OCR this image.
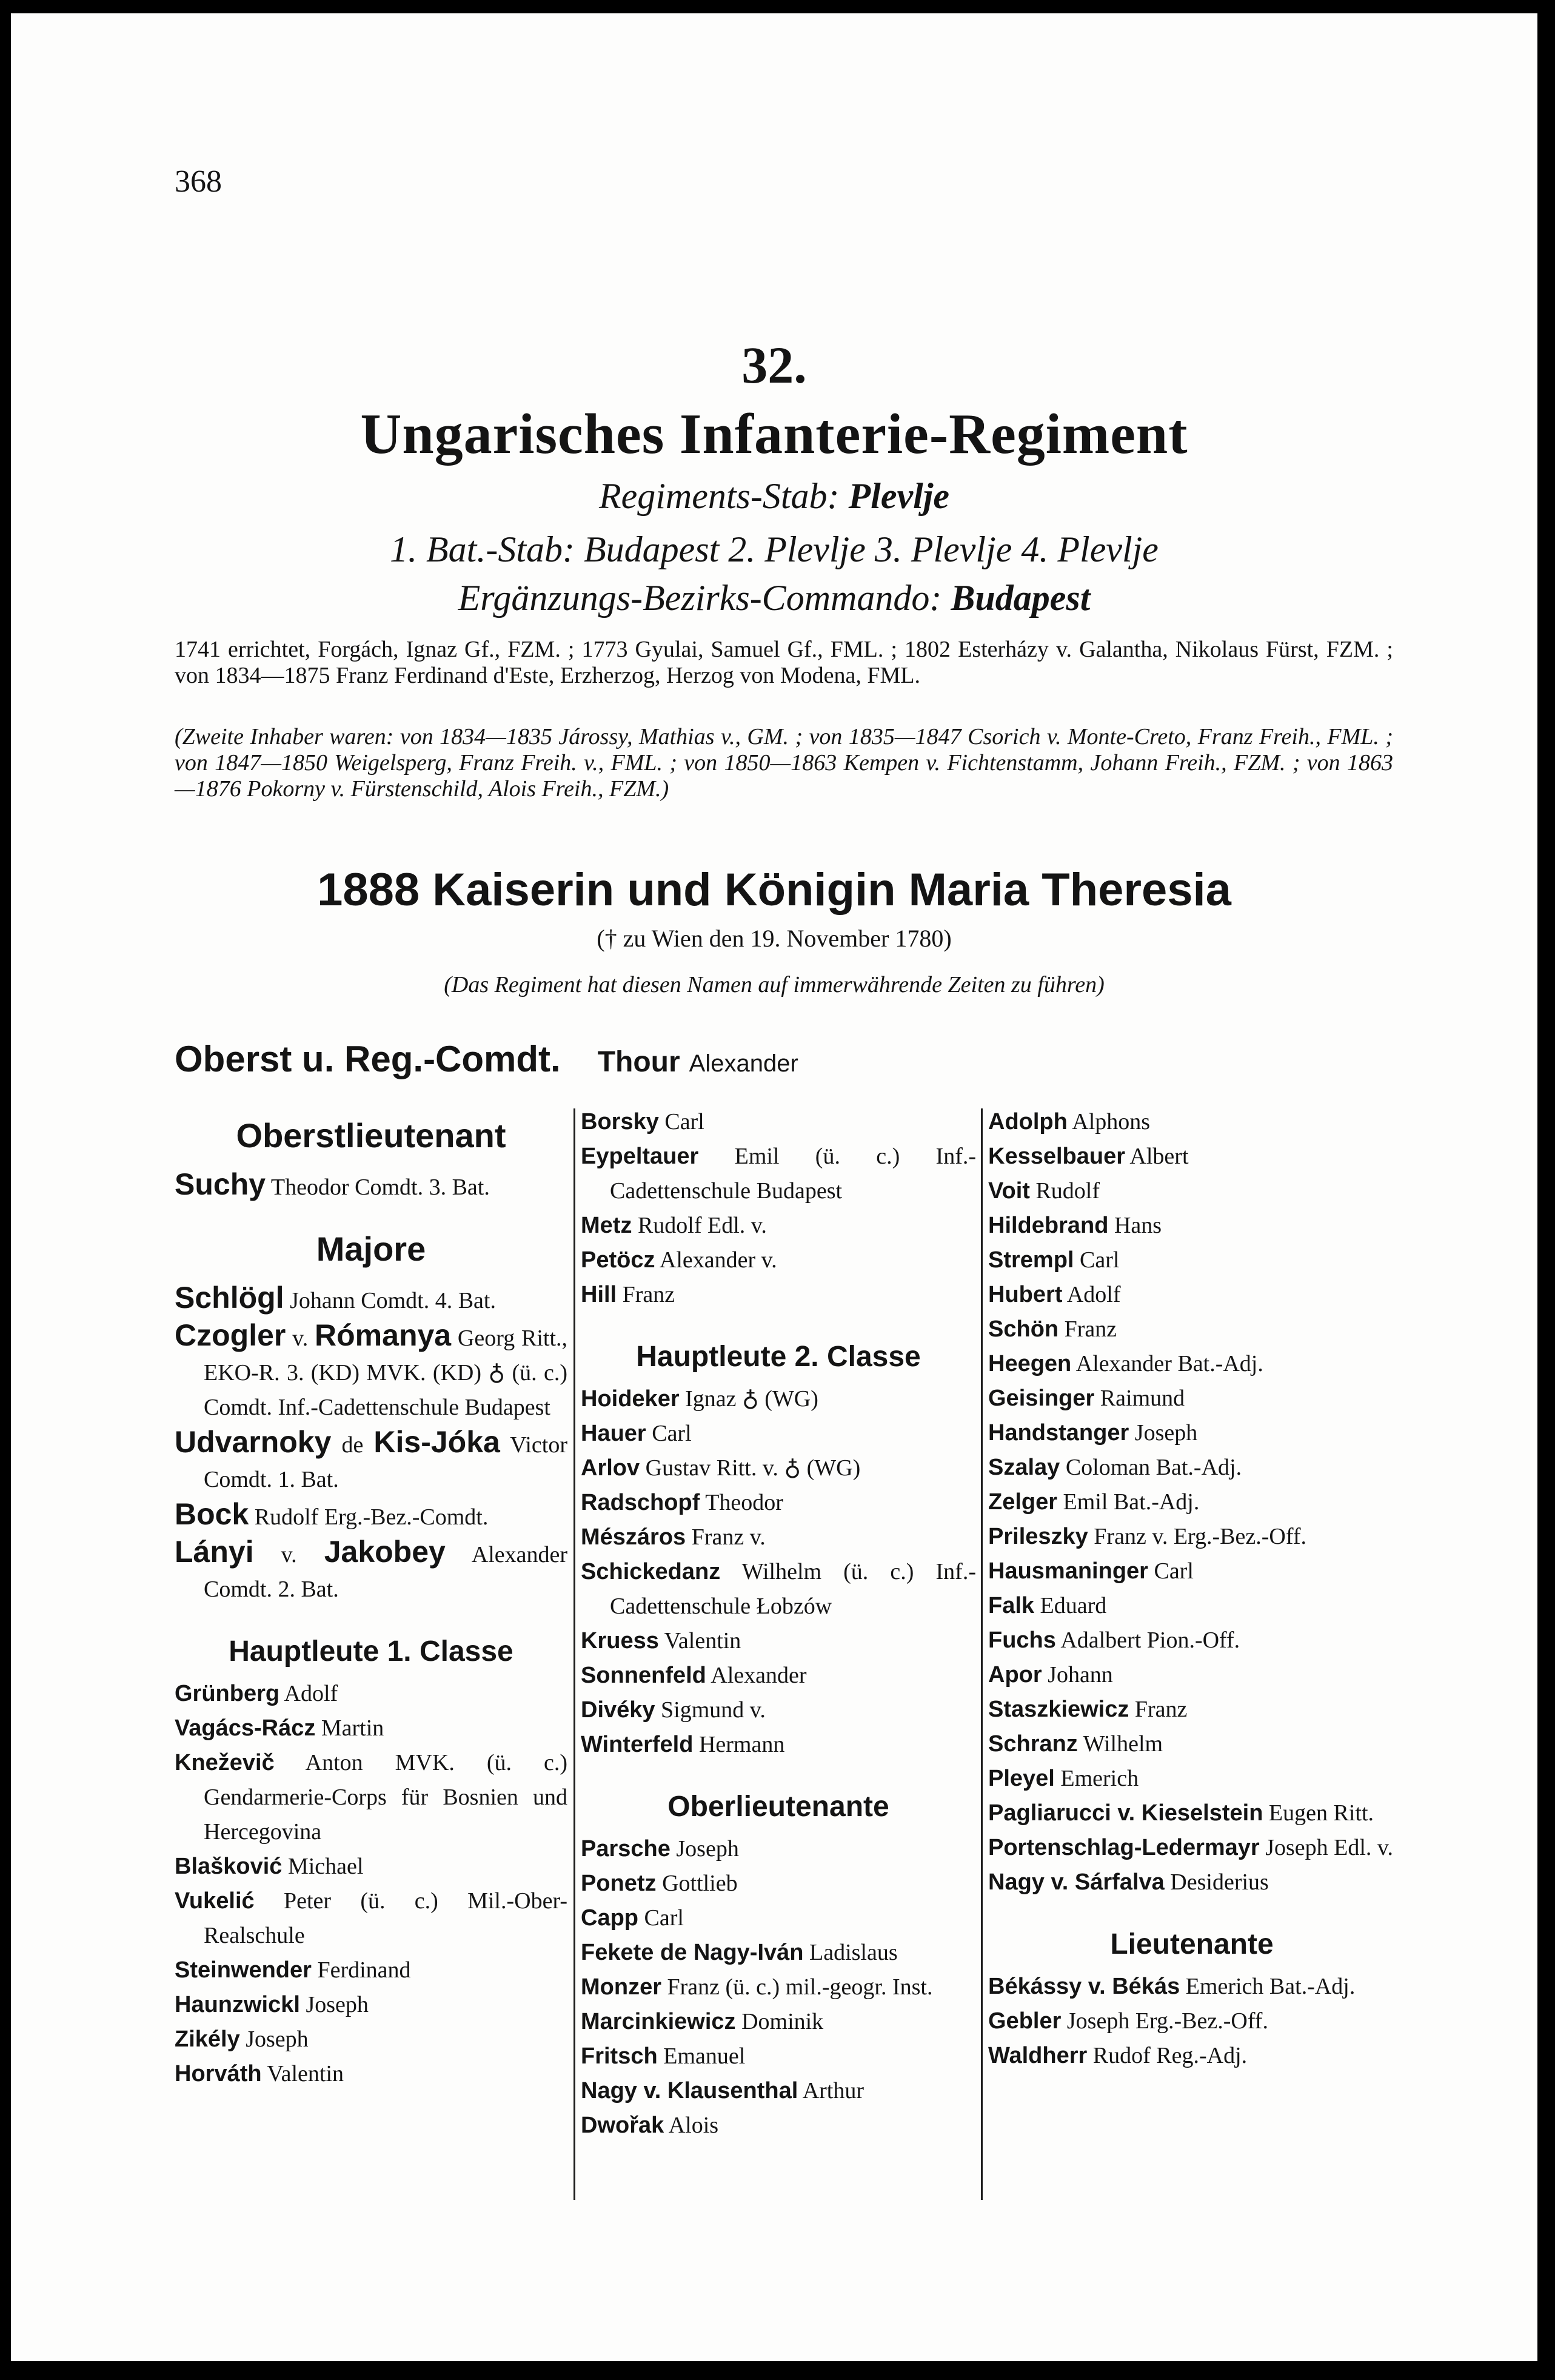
368
32.
Ungarisches Infanterie-Regiment
Regiments-Stab: Plevlje
1. Bat.-Stab: Budapest 2. Plevlje 3. Plevlje 4. Plevlje
Ergänzungs-Bezirks-Commando: Budapest
1741 errichtet, Forgách, Ignaz Gf., FZM. ; 1773 Gyulai, Samuel Gf., FML. ; 1802 Esterházy v. Galantha, Nikolaus Fürst, FZM. ; von 1834—1875 Franz Ferdinand d'Este, Erzherzog, Herzog von Modena, FML.
(Zweite Inhaber waren: von 1834—1835 Járossy, Mathias v., GM. ; von 1835—1847 Csorich v. Monte-Creto, Franz Freih., FML. ; von 1847—1850 Weigelsperg, Franz Freih. v., FML. ; von 1850—1863 Kempen v. Fichtenstamm, Johann Freih., FZM. ; von 1863—1876 Pokorny v. Fürstenschild, Alois Freih., FZM.)
1888 Kaiserin und Königin Maria Theresia
(† zu Wien den 19. November 1780)
(Das Regiment hat diesen Namen auf immerwährende Zeiten zu führen)
Oberst u. Reg.-Comdt. Thour Alexander
Oberstlieutenant
Suchy Theodor Comdt. 3. Bat.
Majore
Schlögl Johann Comdt. 4. Bat.
Czogler v. Rómanya Georg Ritt., EKO-R. 3. (KD) MVK. (KD) ♁ (ü. c.) Comdt. Inf.-Cadettenschule Budapest
Udvarnoky de Kis-Jóka Victor Comdt. 1. Bat.
Bock Rudolf Erg.-Bez.-Comdt.
Lányi v. Jakobey Alexander Comdt. 2. Bat.
Hauptleute 1. Classe
Grünberg Adolf
Vagács-Rácz Martin
Kneževič Anton MVK. (ü. c.) Gendarmerie-Corps für Bosnien und Hercegovina
Blašković Michael
Vukelić Peter (ü. c.) Mil.-Ober-Realschule
Steinwender Ferdinand
Haunzwickl Joseph
Zikély Joseph
Horváth Valentin
Borsky Carl
Eypeltauer Emil (ü. c.) Inf.-Cadettenschule Budapest
Metz Rudolf Edl. v.
Petöcz Alexander v.
Hill Franz
Hauptleute 2. Classe
Hoideker Ignaz ♁ (WG)
Hauer Carl
Arlov Gustav Ritt. v. ♁ (WG)
Radschopf Theodor
Mészáros Franz v.
Schickedanz Wilhelm (ü. c.) Inf.-Cadettenschule Łobzów
Kruess Valentin
Sonnenfeld Alexander
Divéky Sigmund v.
Winterfeld Hermann
Oberlieutenante
Parsche Joseph
Ponetz Gottlieb
Capp Carl
Fekete de Nagy-Iván Ladislaus
Monzer Franz (ü. c.) mil.-geogr. Inst.
Marcinkiewicz Dominik
Fritsch Emanuel
Nagy v. Klausenthal Arthur
Dwořak Alois
Adolph Alphons
Kesselbauer Albert
Voit Rudolf
Hildebrand Hans
Strempl Carl
Hubert Adolf
Schön Franz
Heegen Alexander Bat.-Adj.
Geisinger Raimund
Handstanger Joseph
Szalay Coloman Bat.-Adj.
Zelger Emil Bat.-Adj.
Prileszky Franz v. Erg.-Bez.-Off.
Hausmaninger Carl
Falk Eduard
Fuchs Adalbert Pion.-Off.
Apor Johann
Staszkiewicz Franz
Schranz Wilhelm
Pleyel Emerich
Pagliarucci v. Kieselstein Eugen Ritt.
Portenschlag-Ledermayr Joseph Edl. v.
Nagy v. Sárfalva Desiderius
Lieutenante
Békássy v. Békás Emerich Bat.-Adj.
Gebler Joseph Erg.-Bez.-Off.
Waldherr Rudof Reg.-Adj.
